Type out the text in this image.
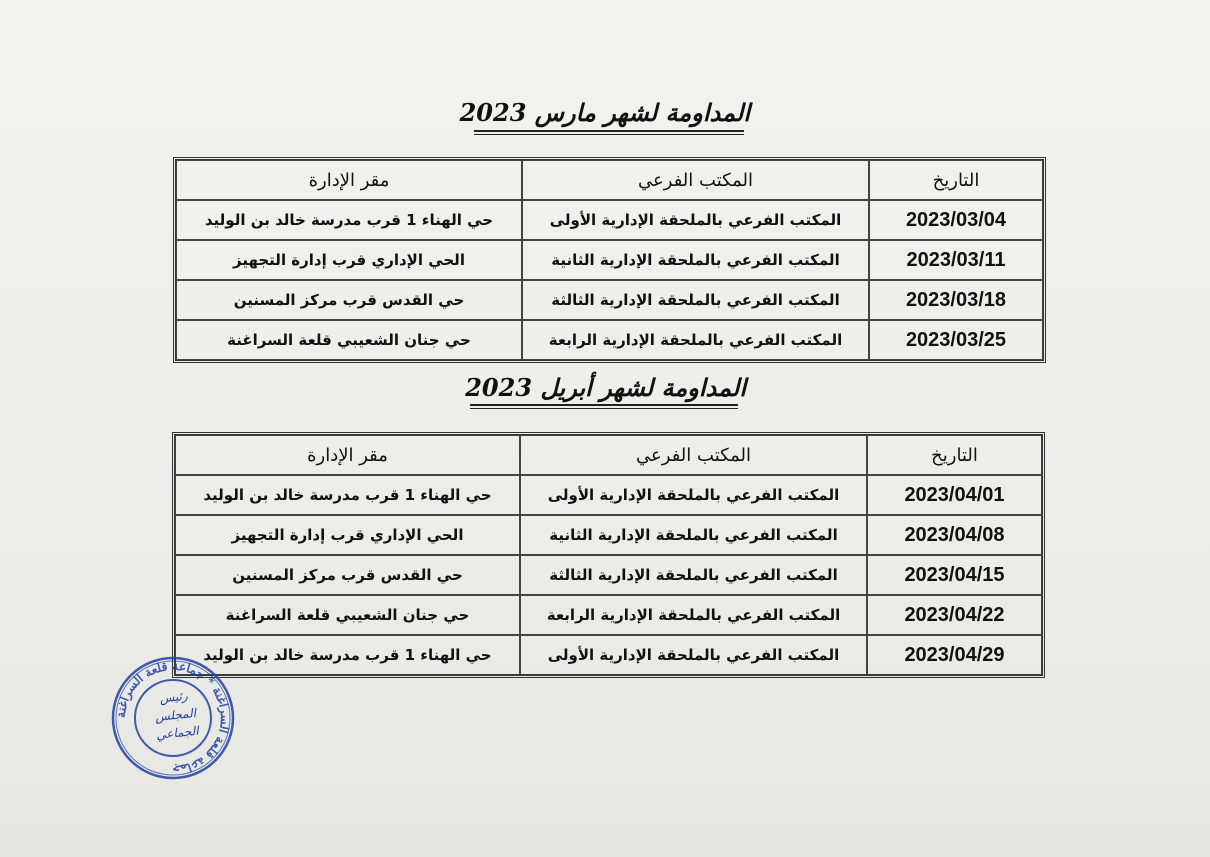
المداومة لشهر مارس 2023
التاريخ	المكتب الفرعي	مقر الإدارة
2023/03/04	المكتب الفرعي بالملحقة الإدارية الأولى	حي الهناء 1 قرب مدرسة خالد بن الوليد
2023/03/11	المكتب الفرعي بالملحقة الإدارية الثانية	الحي الإداري قرب إدارة التجهيز
2023/03/18	المكتب الفرعي بالملحقة الإدارية الثالثة	حي القدس قرب مركز المسنين
2023/03/25	المكتب الفرعي بالملحقة الإدارية الرابعة	حي جنان الشعيبي قلعة السراغنة
المداومة لشهر أبريل 2023
التاريخ	المكتب الفرعي	مقر الإدارة
2023/04/01	المكتب الفرعي بالملحقة الإدارية الأولى	حي الهناء 1 قرب مدرسة خالد بن الوليد
2023/04/08	المكتب الفرعي بالملحقة الإدارية الثانية	الحي الإداري قرب إدارة التجهيز
2023/04/15	المكتب الفرعي بالملحقة الإدارية الثالثة	حي القدس قرب مركز المسنين
2023/04/22	المكتب الفرعي بالملحقة الإدارية الرابعة	حي جنان الشعيبي قلعة السراغنة
2023/04/29	المكتب الفرعي بالملحقة الإدارية الأولى	حي الهناء 1 قرب مدرسة خالد بن الوليد
جماعة قلعة السراغنة * جماعة قلعة السراغنة
رئيس
المجلس
الجماعي
